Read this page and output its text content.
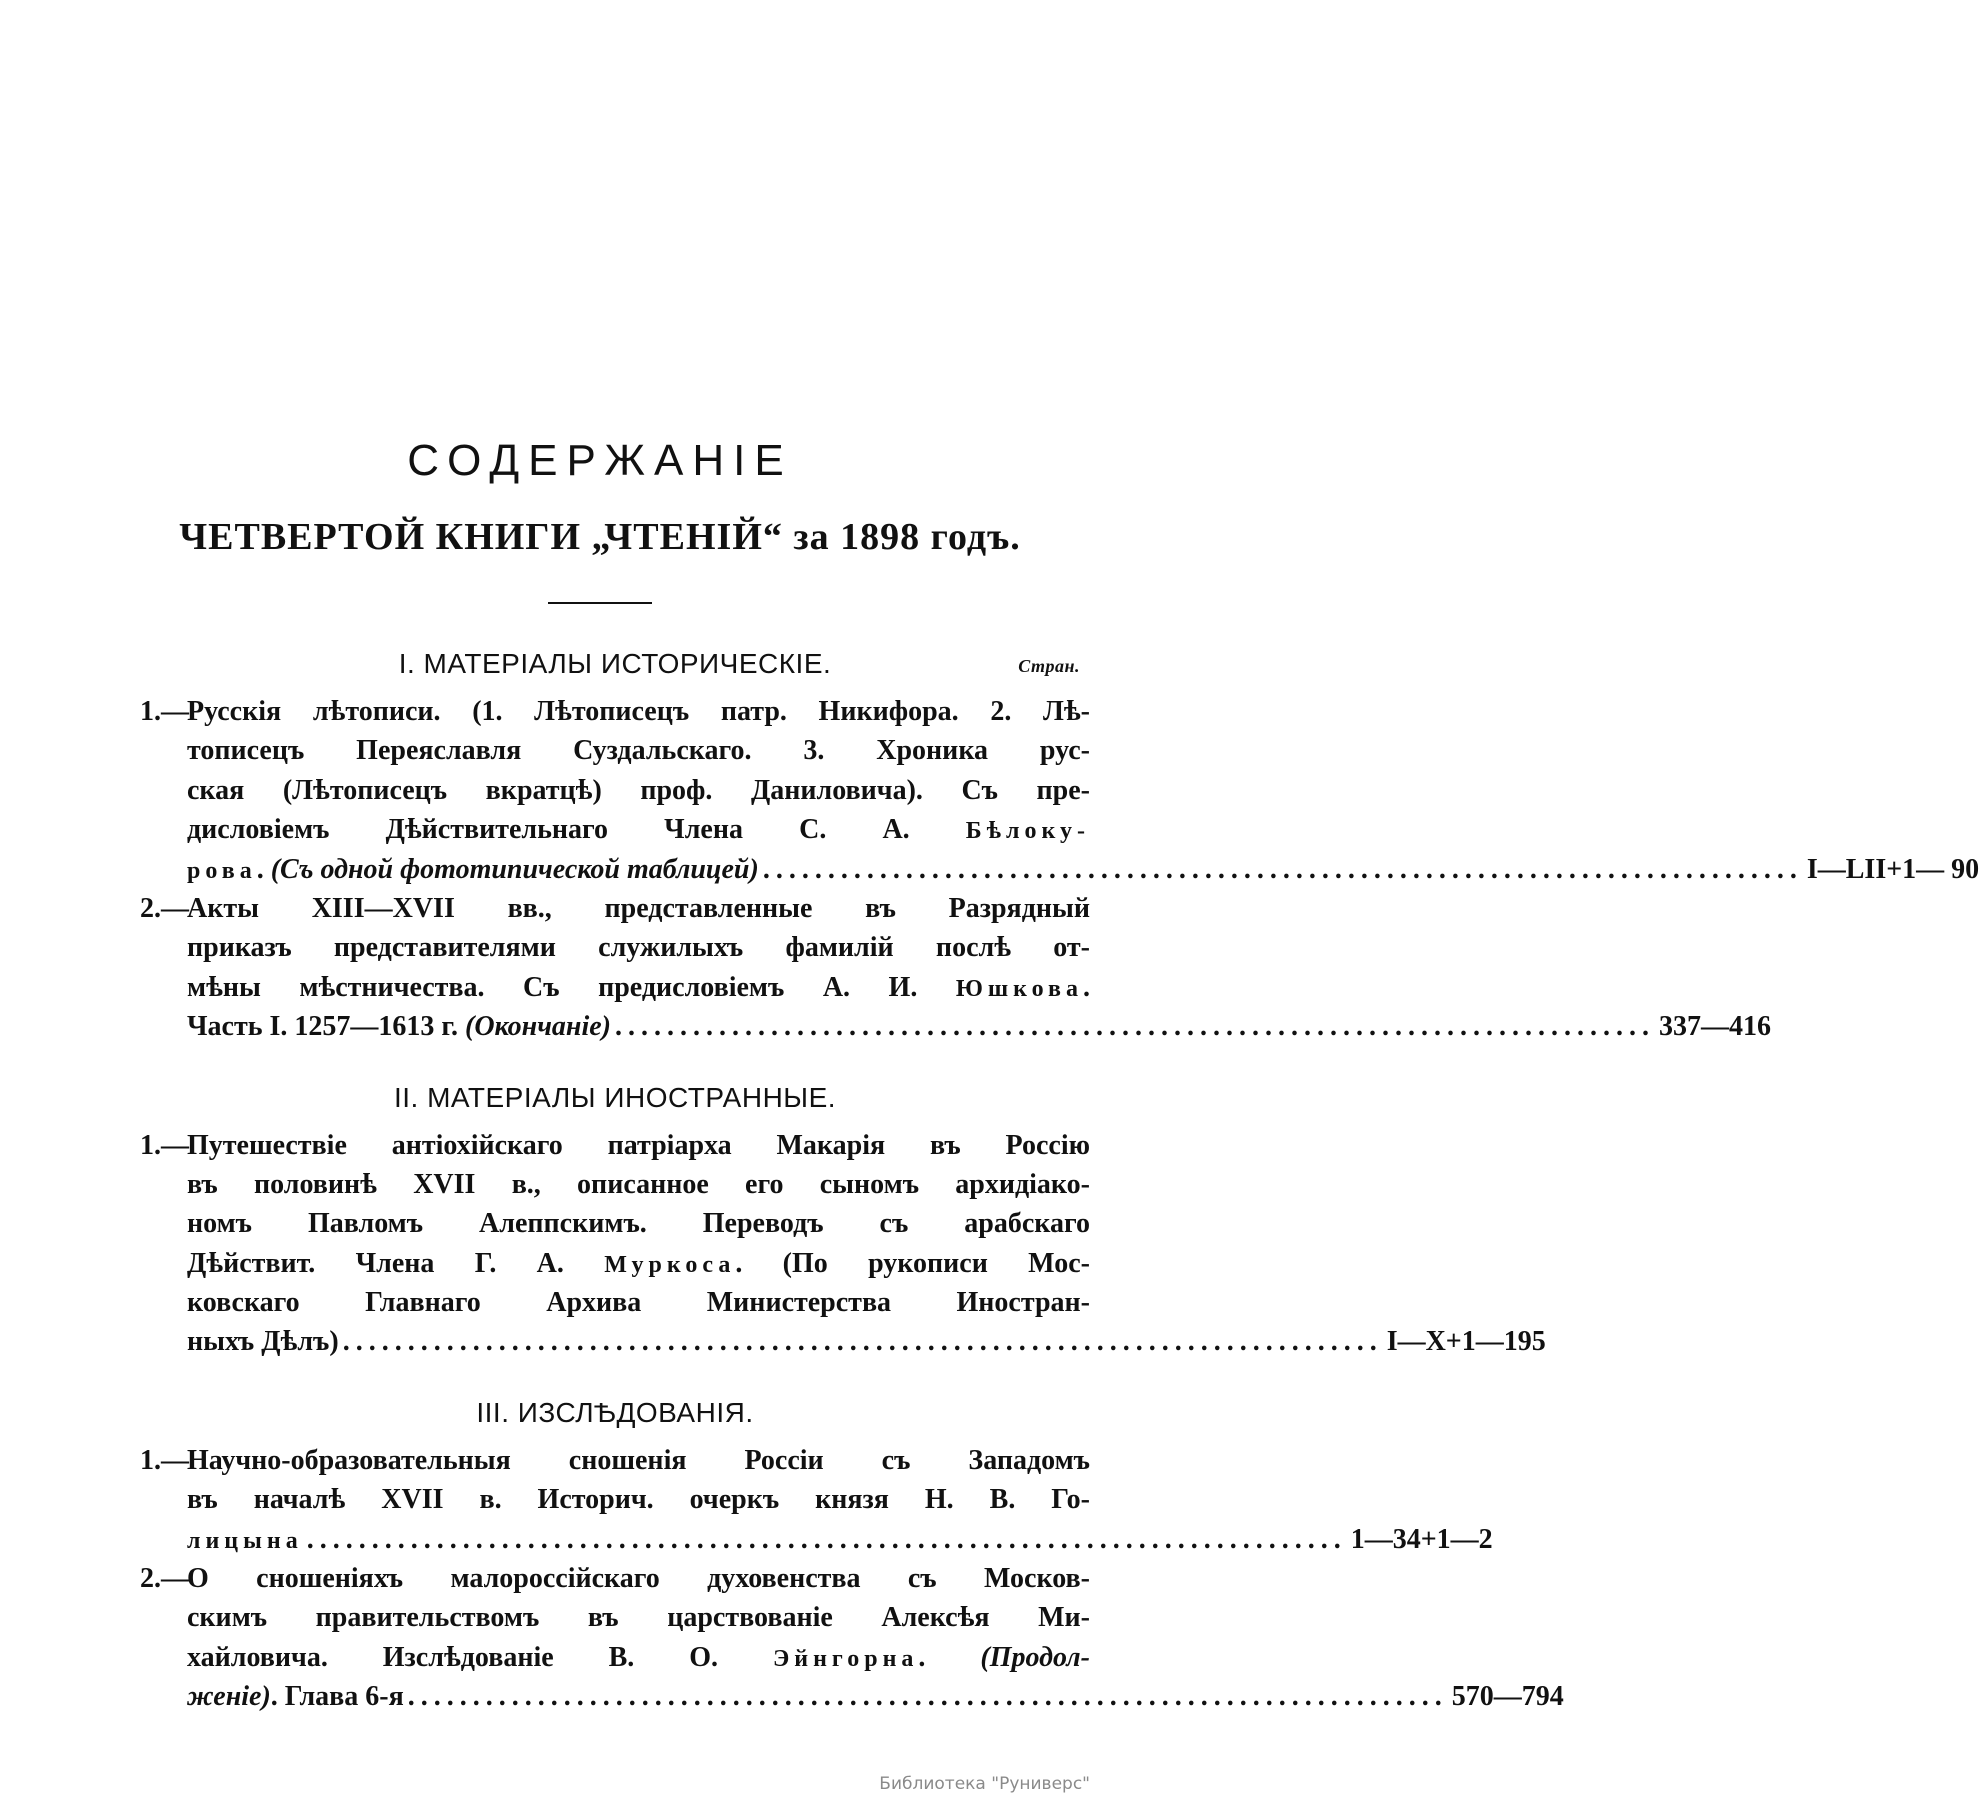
СОДЕРЖАНІЕ
ЧЕТВЕРТОЙ КНИГИ „ЧТЕНІЙ“ за 1898 годъ.
I. МАТЕРІАЛЫ ИСТОРИЧЕСКІЕ.	Стран.
1.—
Русскія лѣтописи. (1. Лѣтописецъ патр. Никифора. 2. Лѣ-
тописецъ Переяславля Суздальскаго. 3. Хроника рус-
ская (Лѣтописецъ вкратцѣ) проф. Даниловича). Съ пре-
дисловіемъ Дѣйствительнаго Члена С. А. Бѣлоку-
рова. (Съ одной фототипической таблицей) ................................................................................ I—LII+1— 90
2.—
Акты XIII—XVII вв., представленные въ Разрядный
приказъ представителями служилыхъ фамилій послѣ от-
мѣны мѣстничества. Съ предисловіемъ А. И. Юшкова.
Часть I. 1257—1613 г. (Окончаніе) ................................................................................ 337—416
II. МАТЕРІАЛЫ ИНОСТРАННЫЕ.
1.—
Путешествіе антіохійскаго патріарха Макарія въ Россію
въ половинѣ XVII в., описанное его сыномъ архидіако-
номъ Павломъ Алеппскимъ. Переводъ съ арабскаго
Дѣйствит. Члена Г. А. Муркоса. (По рукописи Мос-
ковскаго Главнаго Архива Министерства Иностран-
ныхъ Дѣлъ) ................................................................................ I—X+1—195
III. ИЗСЛѢДОВАНІЯ.
1.—
Научно-образовательныя сношенія Россіи съ Западомъ
въ началѣ XVII в. Историч. очеркъ князя Н. В. Го-
лицына ................................................................................ 1—34+1—2
2.—
О сношеніяхъ малороссійскаго духовенства съ Москов-
скимъ правительствомъ въ царствованіе Алексѣя Ми-
хайловича. Изслѣдованіе В. О. Эйнгорна. (Продол-
женіе). Глава 6-я ................................................................................ 570—794
Библиотека "Руниверс"
